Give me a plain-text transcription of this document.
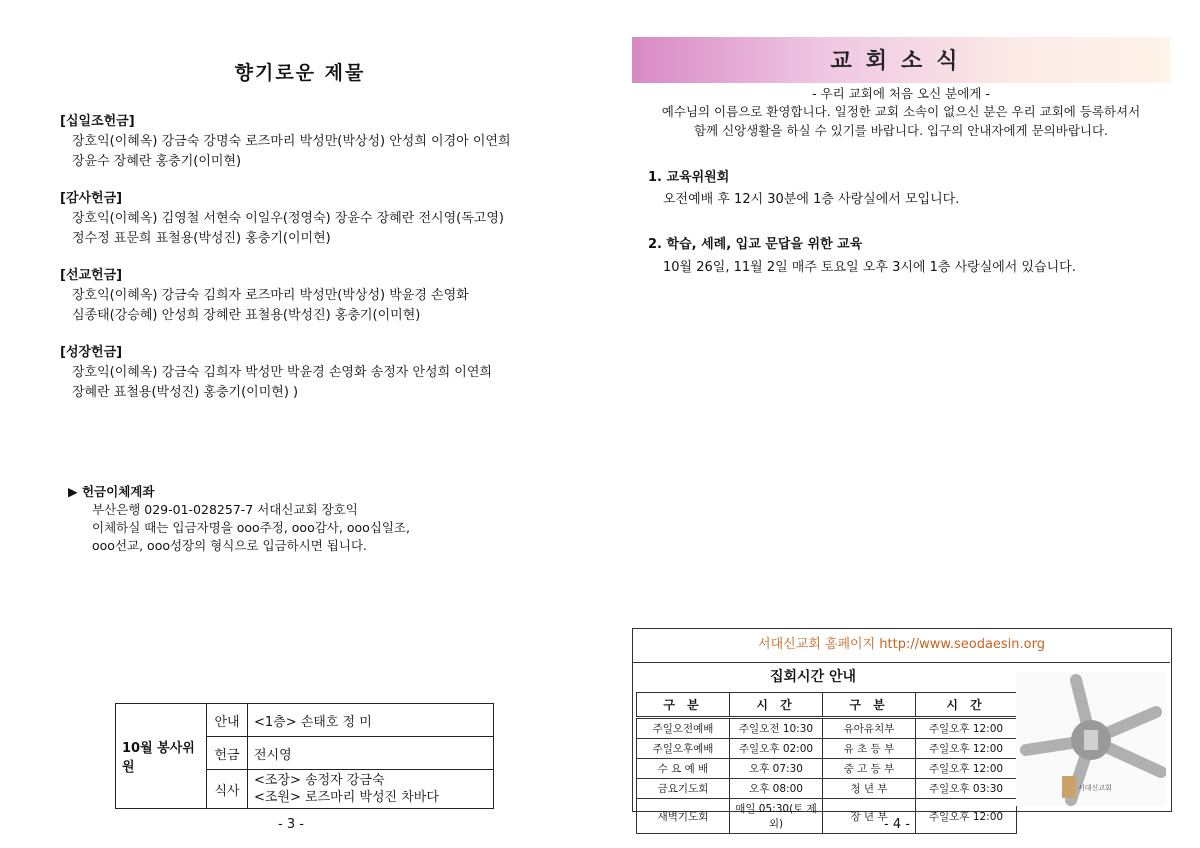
향기로운 제물
[십일조헌금]
장호익(이혜옥) 강금숙 강명숙 로즈마리 박성만(박상성) 안성희 이경아 이연희
장윤수 장혜란 홍충기(이미현)
[감사헌금]
장호익(이혜옥) 김영철 서현숙 이일우(정영숙) 장윤수 장혜란 전시영(독고영)
정수정 표문희 표철용(박성진) 홍충기(이미현)
[선교헌금]
장호익(이혜옥) 강금숙 김희자 로즈마리 박성만(박상성) 박윤경 손영화
심종태(강승혜) 안성희 장혜란 표철용(박성진) 홍충기(이미현)
[성장헌금]
장호익(이혜옥) 강금숙 김희자 박성만 박윤경 손영화 송정자 안성희 이연희
장혜란 표철용(박성진) 홍충기(이미현) )
▶ 헌금이체계좌
부산은행 029-01-028257-7 서대신교회 장호익
이체하실 때는 입금자명을 ooo주정, ooo감사, ooo십일조,
ooo선교, ooo성장의 형식으로 입금하시면 됩니다.
10월 봉사위원	안내	<1층> 손태호 정 미
	헌금	전시영
	식사	<조장> 송정자 강금숙
<조원> 로즈마리 박성진 차바다
- 3 -
교회소식
- 우리 교회에 처음 오신 분에게 -
예수님의 이름으로 환영합니다. 일정한 교회 소속이 없으신 분은 우리 교회에 등록하셔서
함께 신앙생활을 하실 수 있기를 바랍니다. 입구의 안내자에게 문의바랍니다.
1. 교육위원회
오전예배 후 12시 30분에 1층 사랑실에서 모입니다.
2. 학습, 세례, 입교 문답을 위한 교육
10월 26일, 11월 2일 매주 토요일 오후 3시에 1층 사랑실에서 있습니다.
서대신교회 홈페이지 http://www.seodaesin.org
집회시간 안내
구 분	시 간	구 분	시 간
주일오전예배	주일오전 10:30	유아유치부	주일오후 12:00
주일오후예배	주일오후 02:00	유 초 등 부	주일오후 12:00
수 요 예 배	오후 07:30	중 고 등 부	주일오후 12:00
금요기도회	오후 08:00	청 년 부	주일오후 03:30
새벽기도회	매일 05:30(토 제외)	장 년 부	주일오후 12:00
서대신교회
- 4 -
